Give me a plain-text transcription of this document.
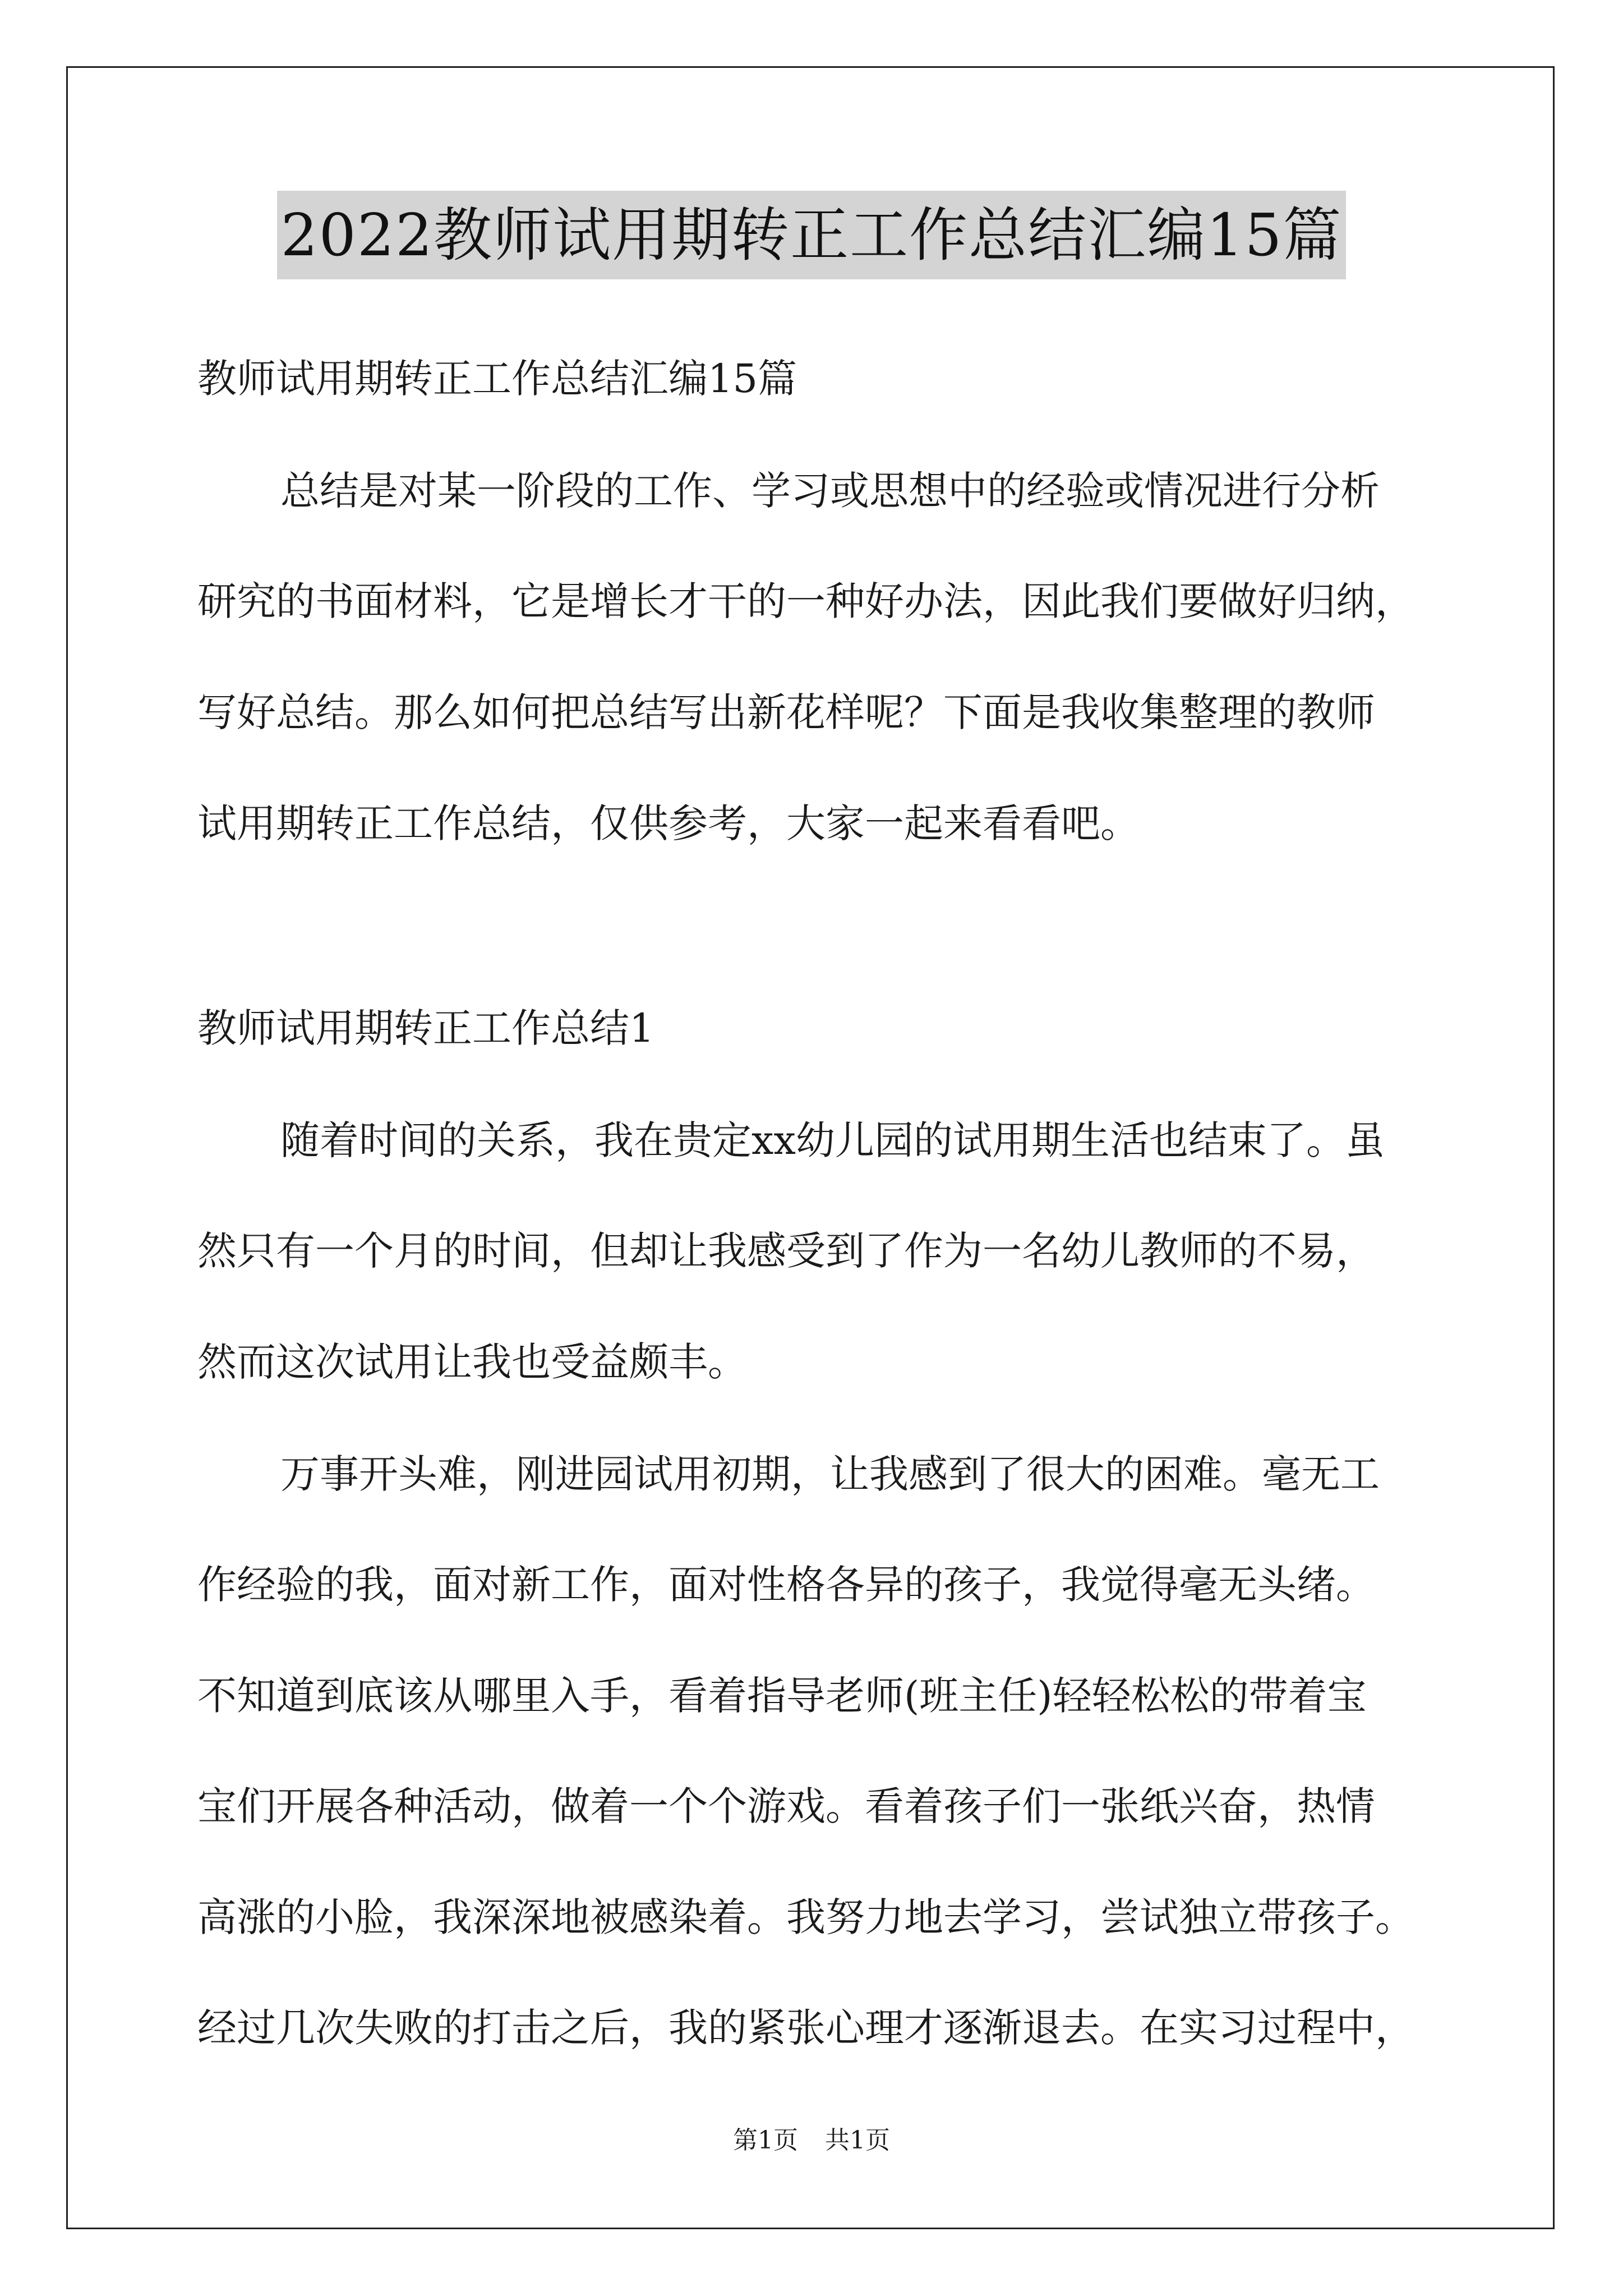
2022教师试用期转正工作总结汇编15篇
教师试用期转正工作总结汇编15篇
总结是对某一阶段的工作、学习或思想中的经验或情况进行分析
研究的书面材料，它是增长才干的一种好办法，因此我们要做好归纳，
写好总结。那么如何把总结写出新花样呢？下面是我收集整理的教师
试用期转正工作总结，仅供参考，大家一起来看看吧。
教师试用期转正工作总结1
随着时间的关系，我在贵定xx幼儿园的试用期生活也结束了。虽
然只有一个月的时间，但却让我感受到了作为一名幼儿教师的不易，
然而这次试用让我也受益颇丰。
万事开头难，刚进园试用初期，让我感到了很大的困难。毫无工
作经验的我，面对新工作，面对性格各异的孩子，我觉得毫无头绪。
不知道到底该从哪里入手，看着指导老师(班主任)轻轻松松的带着宝
宝们开展各种活动，做着一个个游戏。看着孩子们一张纸兴奋，热情
高涨的小脸，我深深地被感染着。我努力地去学习，尝试独立带孩子。
经过几次失败的打击之后，我的紧张心理才逐渐退去。在实习过程中，
第1页 共1页
